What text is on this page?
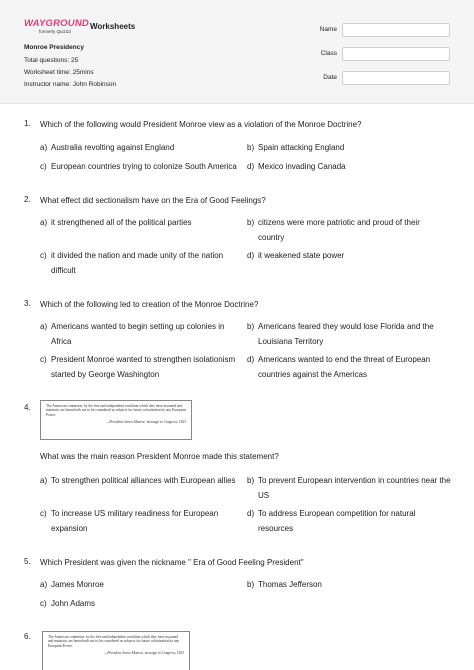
WAYGROUND
formerly Quizizz
Worksheets
Monroe Presidency
Total questions: 25
Worksheet time: 25mins
Instructor name: John Robinson
Name
Class
Date
1. Which of the following would President Monroe view as a violation of the Monroe Doctrine?
a) Australia revolting against England	b) Spain attacking England
c) European countries trying to colonize South America	d) Mexico invading Canada
2. What effect did sectionalism have on the Era of Good Feelings?
a) it strengthened all of the political parties	b) citizens were more patriotic and proud of their country
c) it divided the nation and made unity of the nation difficult
d) it weakened state power
3. Which of the following led to creation of the Monroe Doctrine?
a) Americans wanted to begin setting up colonies in Africa
b) Americans feared they would lose Florida and the Louisiana Territory
c) President Monroe wanted to strengthen isolationism started by George Washington
d) Americans wanted to end the threat of European countries against the Americas
4.	The American continents, by the free and independent condition which they have assumed and maintain, are henceforth not to be considered as subjects for future colonization by any European Power.
—President James Monroe, message to Congress, 1823
What was the main reason President Monroe made this statement?
a) To strengthen political alliances with European allies	b) To prevent European intervention in countries near the US
c) To increase US military readiness for European expansion
d) To address European competition for natural resources
5. Which President was given the nickname " Era of Good Feeling President"
a) James Monroe	b) Thomas Jefferson
c) John Adams
6.	The American continents, by the free and independent condition which they have assumed and maintain, are henceforth not to be considered as subjects for future colonization by any European Power.
—President James Monroe, message to Congress, 1823
